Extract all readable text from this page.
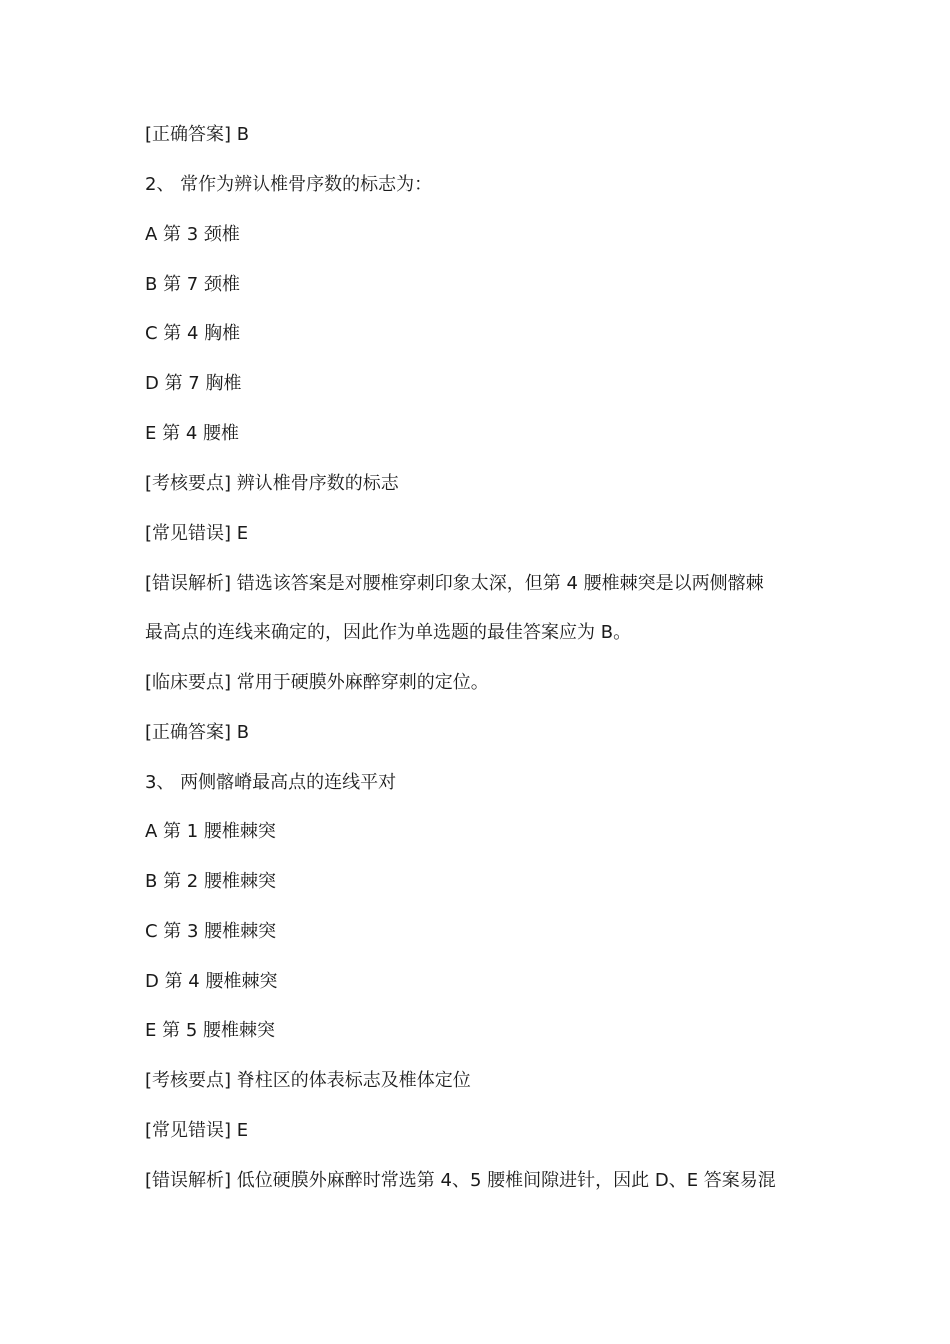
[正确答案] B
2、 常作为辨认椎骨序数的标志为：
A 第 3 颈椎
B 第 7 颈椎
C 第 4 胸椎
D 第 7 胸椎
E 第 4 腰椎
[考核要点] 辨认椎骨序数的标志
[常见错误] E
[错误解析] 错选该答案是对腰椎穿刺印象太深，但第 4 腰椎棘突是以两侧髂棘
最高点的连线来确定的，因此作为单选题的最佳答案应为 B。
[临床要点] 常用于硬膜外麻醉穿刺的定位。
[正确答案] B
3、 两侧髂嵴最高点的连线平对
A 第 1 腰椎棘突
B 第 2 腰椎棘突
C 第 3 腰椎棘突
D 第 4 腰椎棘突
E 第 5 腰椎棘突
[考核要点] 脊柱区的体表标志及椎体定位
[常见错误] E
[错误解析] 低位硬膜外麻醉时常选第 4、5 腰椎间隙进针，因此 D、E 答案易混
